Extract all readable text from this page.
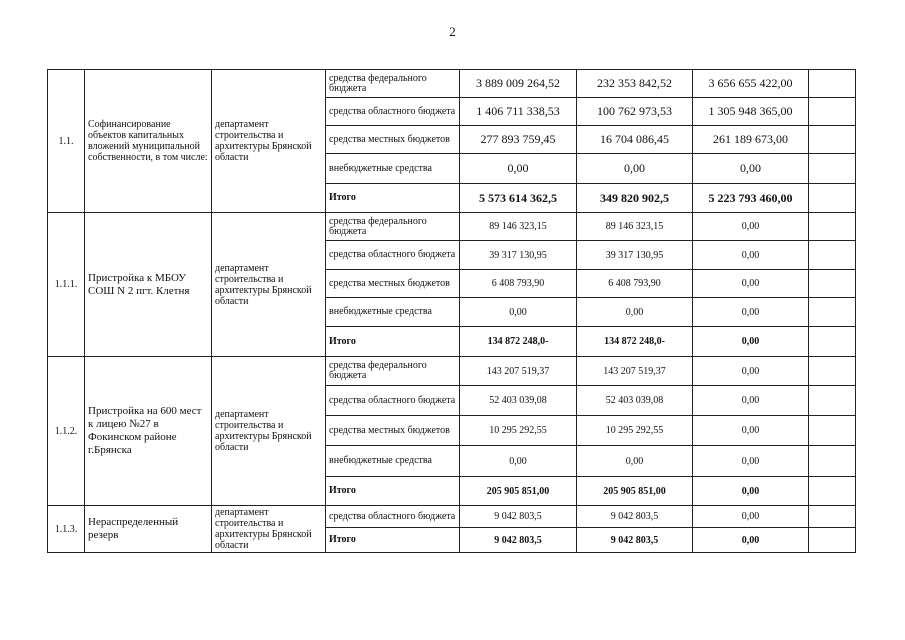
2
1.1.	Софинансирование объектов капитальных вложений муниципальной собственности, в том числе:	департамент строительства и архитектуры Брянской области	средства федерального бюджета	3 889 009 264,52	232 353 842,52	3 656 655 422,00	
			средства областного бюджета	1 406 711 338,53	100 762 973,53	1 305 948 365,00	
			средства местных бюджетов	277 893 759,45	16 704 086,45	261 189 673,00	
			внебюджетные средства	0,00	0,00	0,00	
			Итого	5 573 614 362,5	349 820 902,5	5 223 793 460,00	
1.1.1.	Пристройка к МБОУ СОШ N 2 пгт. Клетня	департамент строительства и архитектуры Брянской области	средства федерального бюджета	89 146 323,15	89 146 323,15	0,00	
			средства областного бюджета	39 317 130,95	39 317 130,95	0,00	
			средства местных бюджетов	6 408 793,90	6 408 793,90	0,00	
			внебюджетные средства	0,00	0,00	0,00	
			Итого	134 872 248,0-	134 872 248,0-	0,00	
1.1.2.	Пристройка на 600 мест к лицею №27 в Фокинском районе г.Брянска	департамент строительства и архитектуры Брянской области	средства федерального бюджета	143 207 519,37	143 207 519,37	0,00	
			средства областного бюджета	52 403 039,08	52 403 039,08	0,00	
			средства местных бюджетов	10 295 292,55	10 295 292,55	0,00	
			внебюджетные средства	0,00	0,00	0,00	
			Итого	205 905 851,00	205 905 851,00	0,00	
1.1.3.	Нераспределенный резерв	департамент строительства и архитектуры Брянской области	средства областного бюджета	9 042 803,5	9 042 803,5	0,00	
			Итого	9 042 803,5	9 042 803,5	0,00	
